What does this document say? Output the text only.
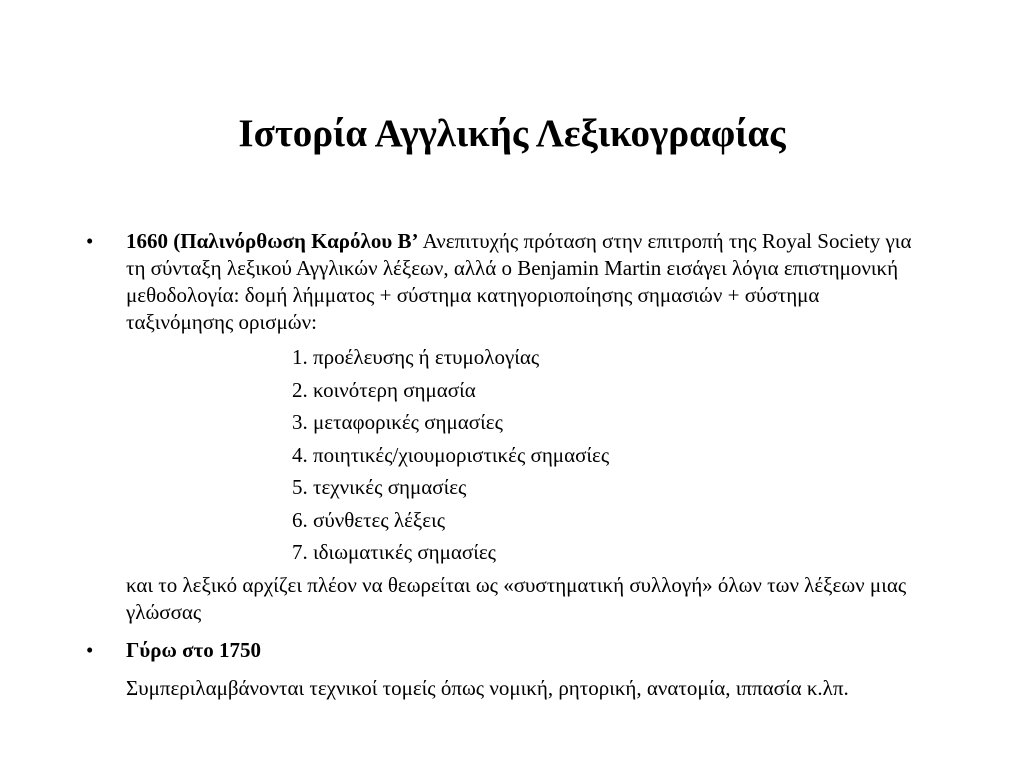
Ιστορία Αγγλικής Λεξικογραφίας
•	1660 (Παλινόρθωση Καρόλου Β’ Ανεπιτυχής πρόταση στην επιτροπή της Royal Society για τη σύνταξη λεξικού Αγγλικών λέξεων, αλλά ο Benjamin Martin εισάγει λόγια επιστημονική μεθοδολογία: δομή λήμματος + σύστημα κατηγοριοποίησης σημασιών + σύστημα ταξινόμησης ορισμών:

1. προέλευσης ή ετυμολογίας
2. κοινότερη σημασία
3. μεταφορικές σημασίες
4. ποιητικές/χιουμοριστικές σημασίες
5. τεχνικές σημασίες
6. σύνθετες λέξεις
7. ιδιωματικές σημασίες

και το λεξικό αρχίζει πλέον να θεωρείται ως «συστηματική συλλογή» όλων των λέξεων μιας γλώσσας

•	Γύρω στο 1750

Συμπεριλαμβάνονται τεχνικοί τομείς όπως νομική, ρητορική, ανατομία, ιππασία κ.λπ.
